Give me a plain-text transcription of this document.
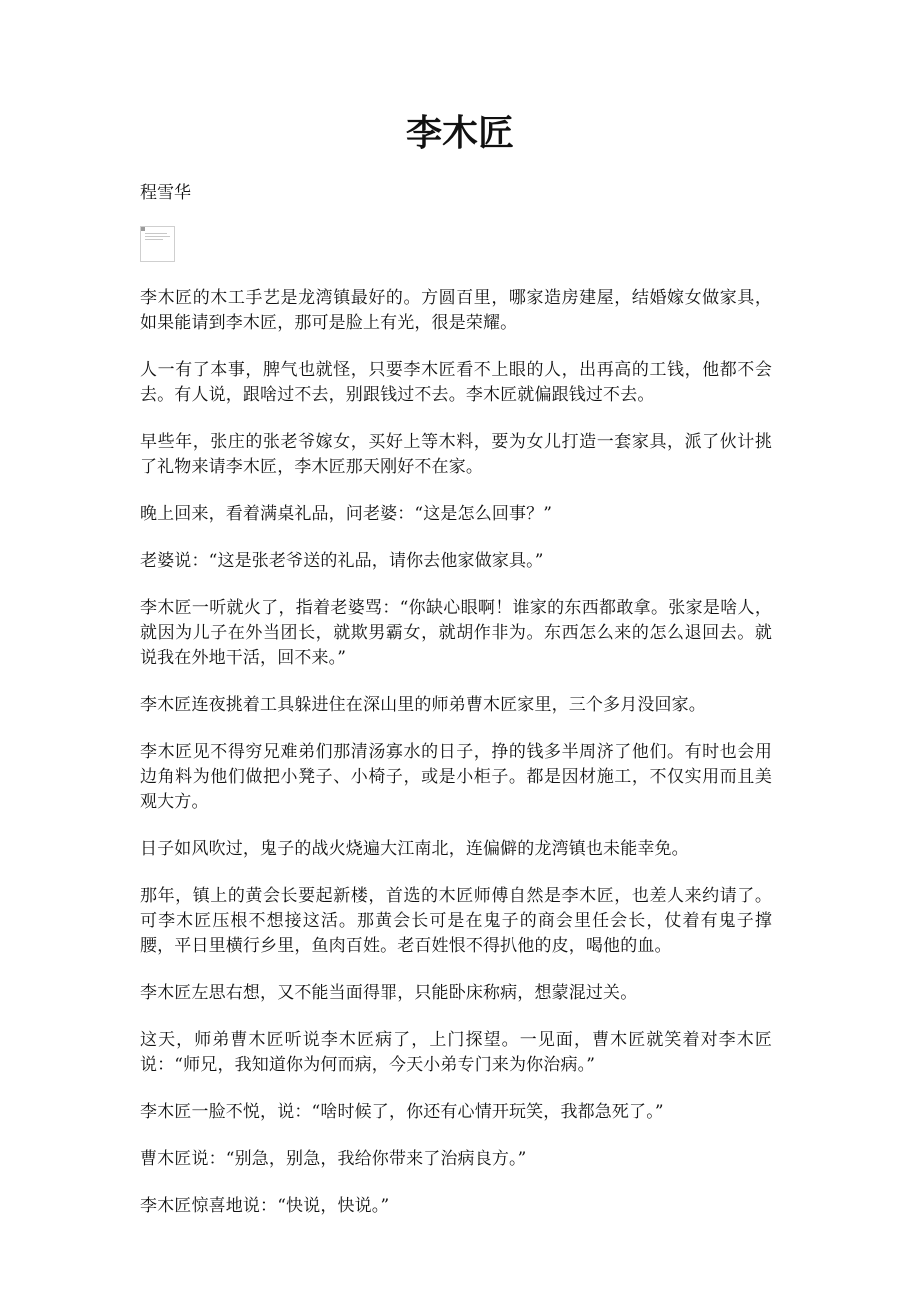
李木匠

程雪华

李木匠的木工手艺是龙湾镇最好的。方圆百里，哪家造房建屋，结婚嫁女做家具，如果能请到李木匠，那可是脸上有光，很是荣耀。

人一有了本事，脾气也就怪，只要李木匠看不上眼的人，出再高的工钱，他都不会去。有人说，跟啥过不去，别跟钱过不去。李木匠就偏跟钱过不去。

早些年，张庄的张老爷嫁女，买好上等木料，要为女儿打造一套家具，派了伙计挑了礼物来请李木匠，李木匠那天刚好不在家。

晚上回来，看着满桌礼品，问老婆：“这是怎么回事？”

老婆说：“这是张老爷送的礼品，请你去他家做家具。”

李木匠一听就火了，指着老婆骂：“你缺心眼啊！谁家的东西都敢拿。张家是啥人，就因为儿子在外当团长，就欺男霸女，就胡作非为。东西怎么来的怎么退回去。就说我在外地干活，回不来。”

李木匠连夜挑着工具躲进住在深山里的师弟曹木匠家里，三个多月没回家。

李木匠见不得穷兄难弟们那清汤寡水的日子，挣的钱多半周济了他们。有时也会用边角料为他们做把小凳子、小椅子，或是小柜子。都是因材施工，不仅实用而且美观大方。

日子如风吹过，鬼子的战火烧遍大江南北，连偏僻的龙湾镇也未能幸免。

那年，镇上的黄会长要起新楼，首选的木匠师傅自然是李木匠，也差人来约请了。可李木匠压根不想接这活。那黄会长可是在鬼子的商会里任会长，仗着有鬼子撑腰，平日里横行乡里，鱼肉百姓。老百姓恨不得扒他的皮，喝他的血。

李木匠左思右想，又不能当面得罪，只能卧床称病，想蒙混过关。

这天，师弟曹木匠听说李木匠病了，上门探望。一见面，曹木匠就笑着对李木匠说：“师兄，我知道你为何而病，今天小弟专门来为你治病。”

李木匠一脸不悦，说：“啥时候了，你还有心情开玩笑，我都急死了。”

曹木匠说：“别急，别急，我给你带来了治病良方。”

李木匠惊喜地说：“快说，快说。”
